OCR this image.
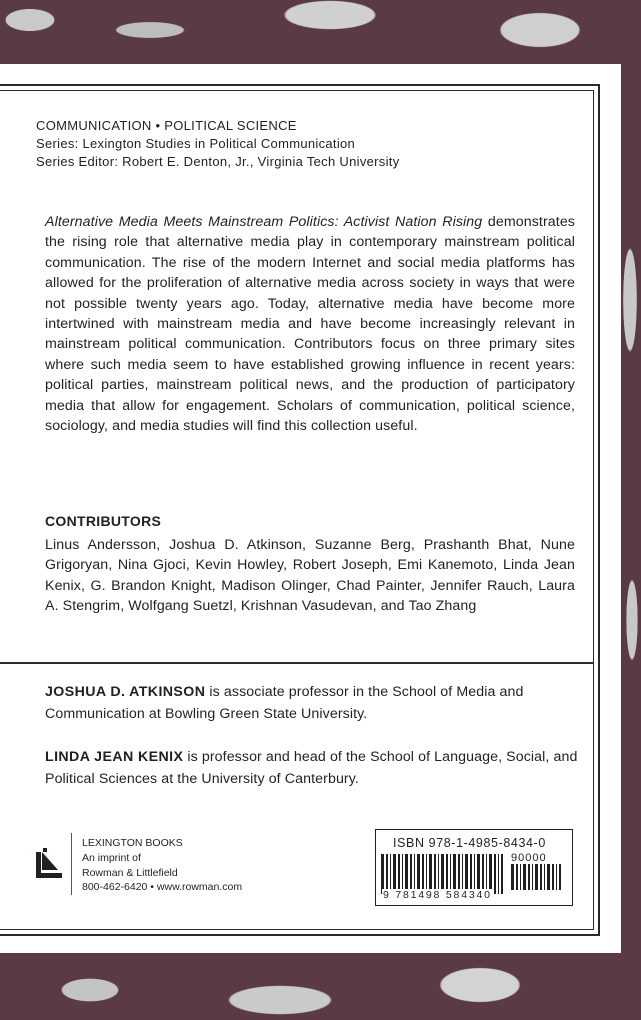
COMMUNICATION • POLITICAL SCIENCE
Series: Lexington Studies in Political Communication
Series Editor: Robert E. Denton, Jr., Virginia Tech University
Alternative Media Meets Mainstream Politics: Activist Nation Rising demonstrates the rising role that alternative media play in contemporary mainstream political communication. The rise of the modern Internet and social media platforms has allowed for the proliferation of alternative media across society in ways that were not possible twenty years ago. Today, alternative media have become more intertwined with mainstream media and have become increasingly relevant in mainstream political communication. Contributors focus on three primary sites where such media seem to have established growing influence in recent years: political parties, mainstream political news, and the production of participatory media that allow for engagement. Scholars of communication, political science, sociology, and media studies will find this collection useful.
CONTRIBUTORS
Linus Andersson, Joshua D. Atkinson, Suzanne Berg, Prashanth Bhat, Nune Grigoryan, Nina Gjoci, Kevin Howley, Robert Joseph, Emi Kanemoto, Linda Jean Kenix, G. Brandon Knight, Madison Olinger, Chad Painter, Jennifer Rauch, Laura A. Stengrim, Wolfgang Suetzl, Krishnan Vasudevan, and Tao Zhang
JOSHUA D. ATKINSON is associate professor in the School of Media and Communication at Bowling Green State University.
LINDA JEAN KENIX is professor and head of the School of Language, Social, and Political Sciences at the University of Canterbury.
LEXINGTON BOOKS
An imprint of
Rowman & Littlefield
800-462-6420 • www.rowman.com
ISBN 978-1-4985-8434-0
90000
9 781498 584340
